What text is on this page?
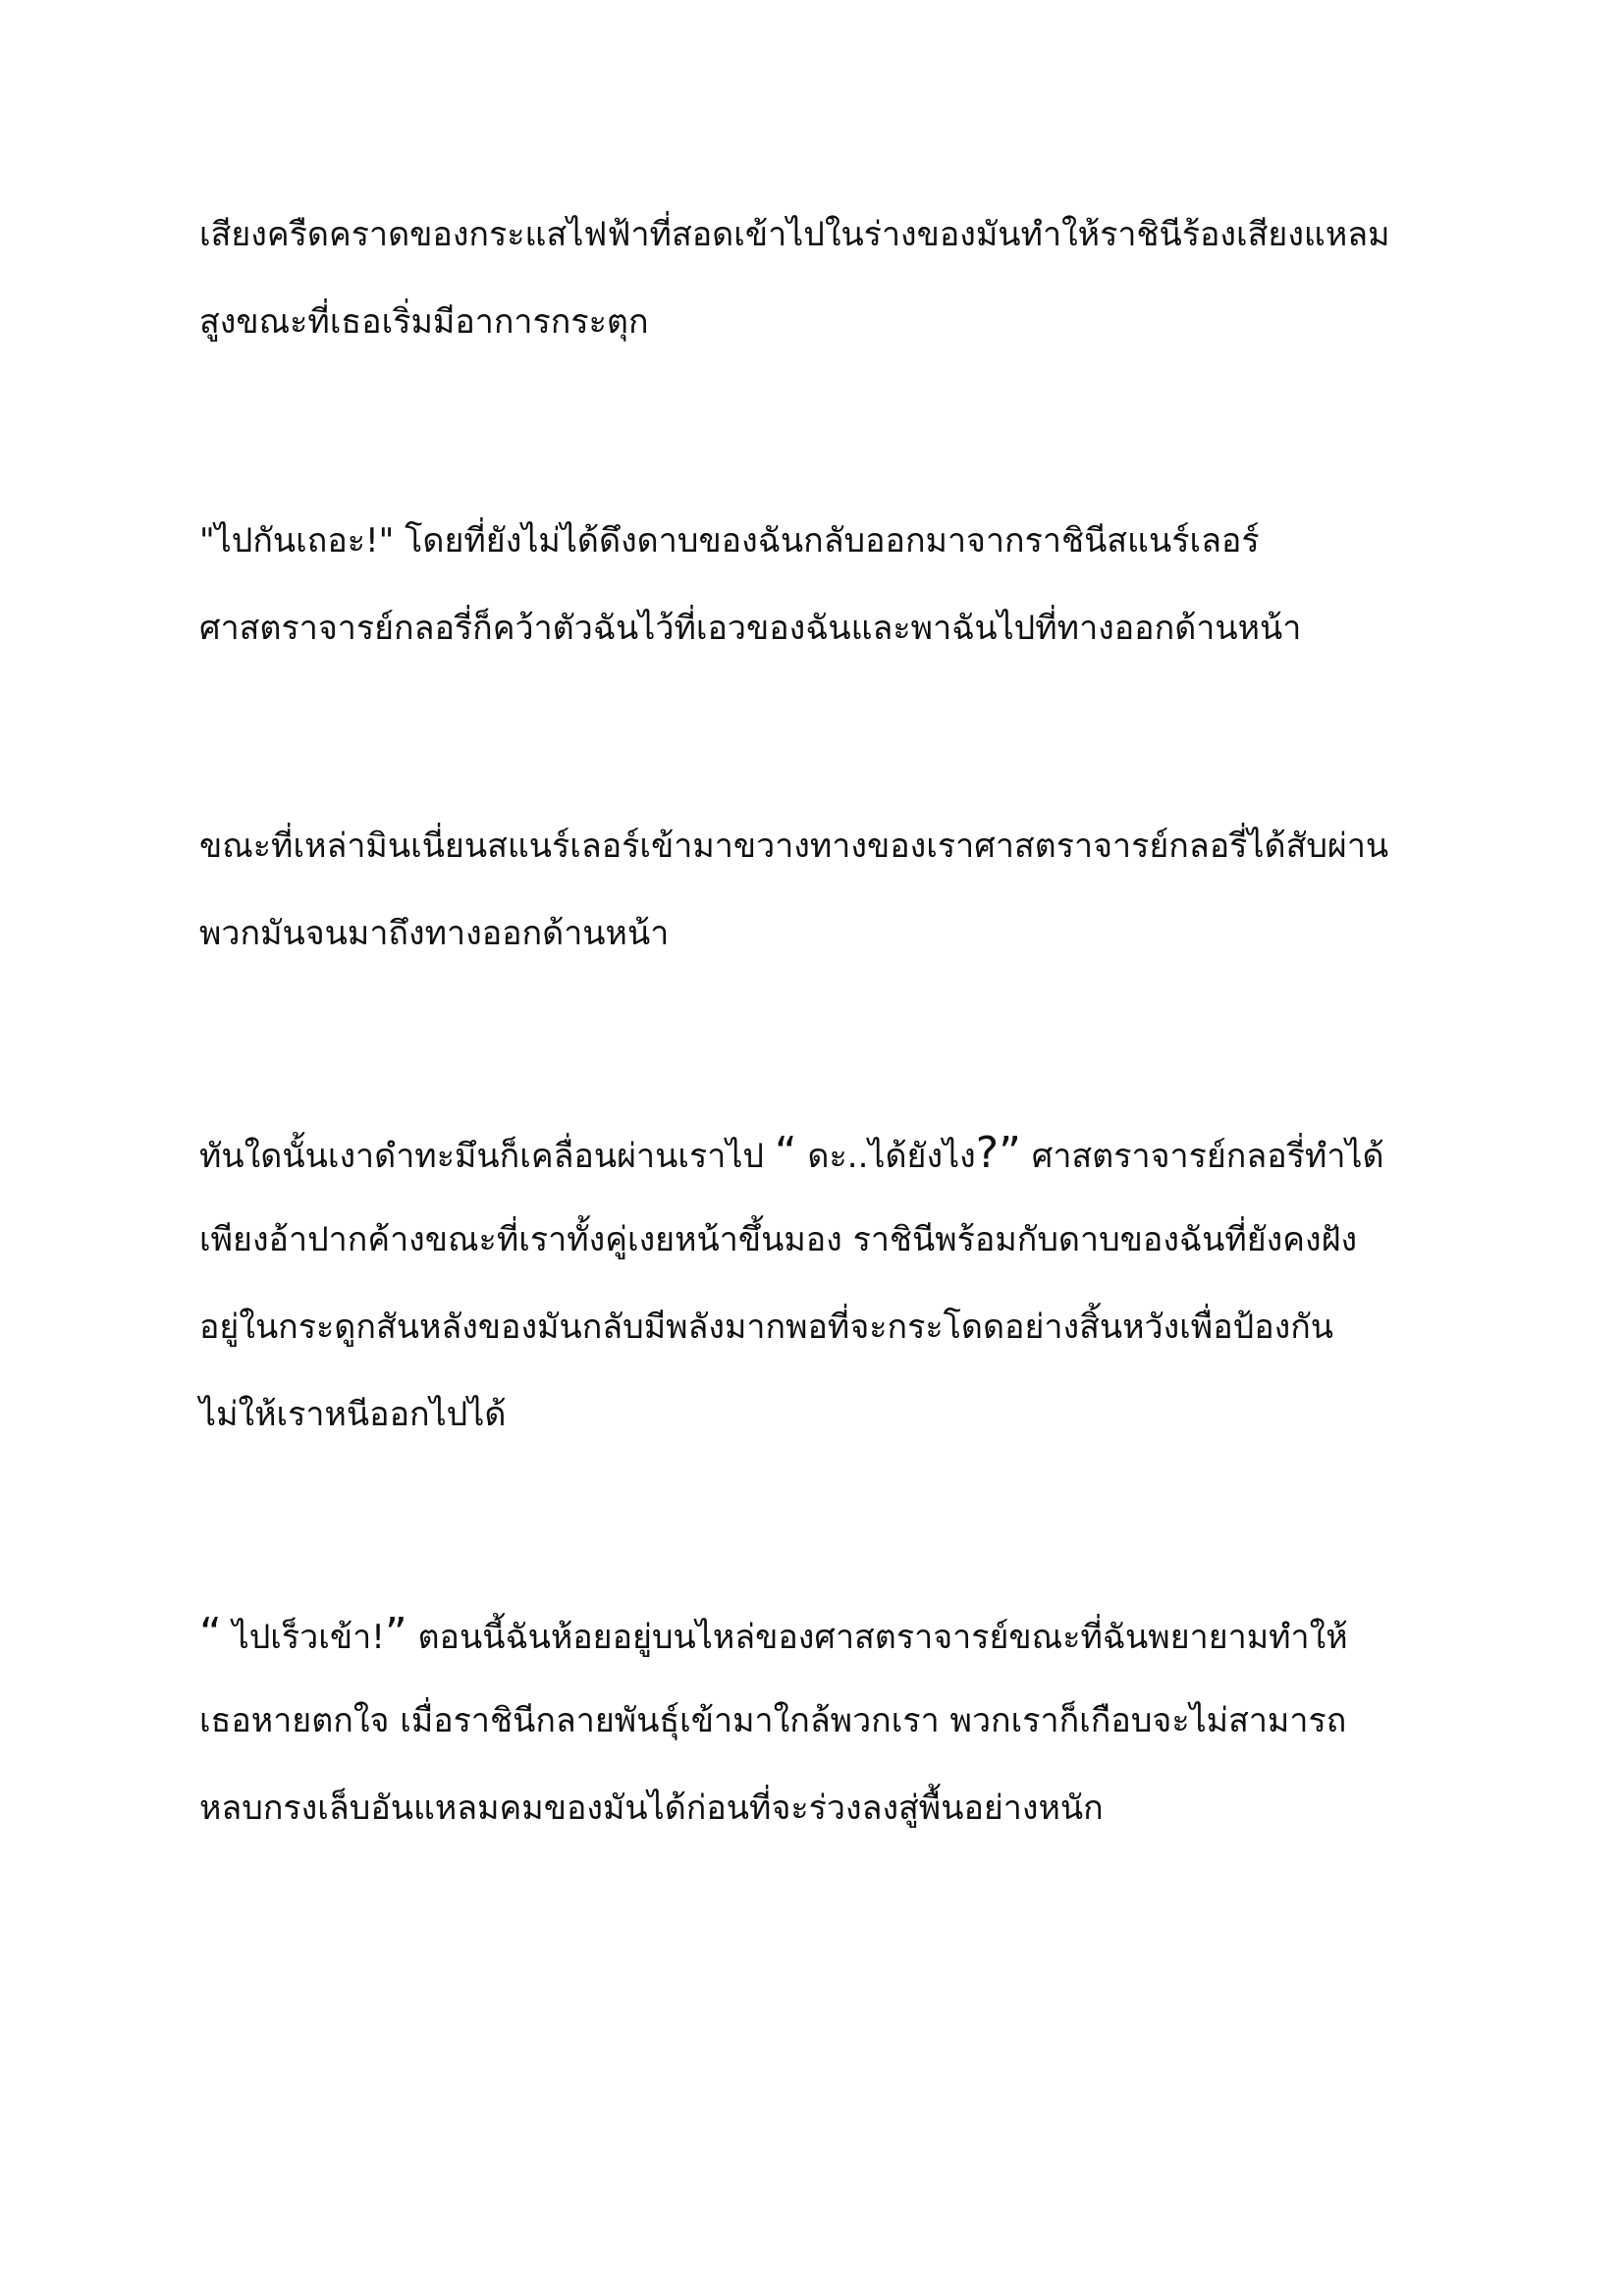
เสียงครืดคราดของกระแสไฟฟ้าที่สอดเข้าไปในร่างของมันทำให้ราชินีร้องเสียงแหลม
สูงขณะที่เธอเริ่มมีอาการกระตุก

"ไปกันเถอะ!" โดยที่ยังไม่ได้ดึงดาบของฉันกลับออกมาจากราชินีสแนร์เลอร์
ศาสตราจารย์กลอรี่ก็คว้าตัวฉันไว้ที่เอวของฉันและพาฉันไปที่ทางออกด้านหน้า

ขณะที่เหล่ามินเนี่ยนสแนร์เลอร์เข้ามาขวางทางของเราศาสตราจารย์กลอรี่ได้สับผ่าน
พวกมันจนมาถึงทางออกด้านหน้า

ทันใดนั้นเงาดำทะมึนก็เคลื่อนผ่านเราไป “ ดะ..ได้ยังไง?” ศาสตราจารย์กลอรี่ทำได้
เพียงอ้าปากค้างขณะที่เราทั้งคู่เงยหน้าขึ้นมอง ราชินีพร้อมกับดาบของฉันที่ยังคงฝัง
อยู่ในกระดูกสันหลังของมันกลับมีพลังมากพอที่จะกระโดดอย่างสิ้นหวังเพื่อป้องกัน
ไม่ให้เราหนีออกไปได้

“ ไปเร็วเข้า!” ตอนนี้ฉันห้อยอยู่บนไหล่ของศาสตราจารย์ขณะที่ฉันพยายามทำให้
เธอหายตกใจ เมื่อราชินีกลายพันธุ์เข้ามาใกล้พวกเรา พวกเราก็เกือบจะไม่สามารถ
หลบกรงเล็บอันแหลมคมของมันได้ก่อนที่จะร่วงลงสู่พื้นอย่างหนัก
